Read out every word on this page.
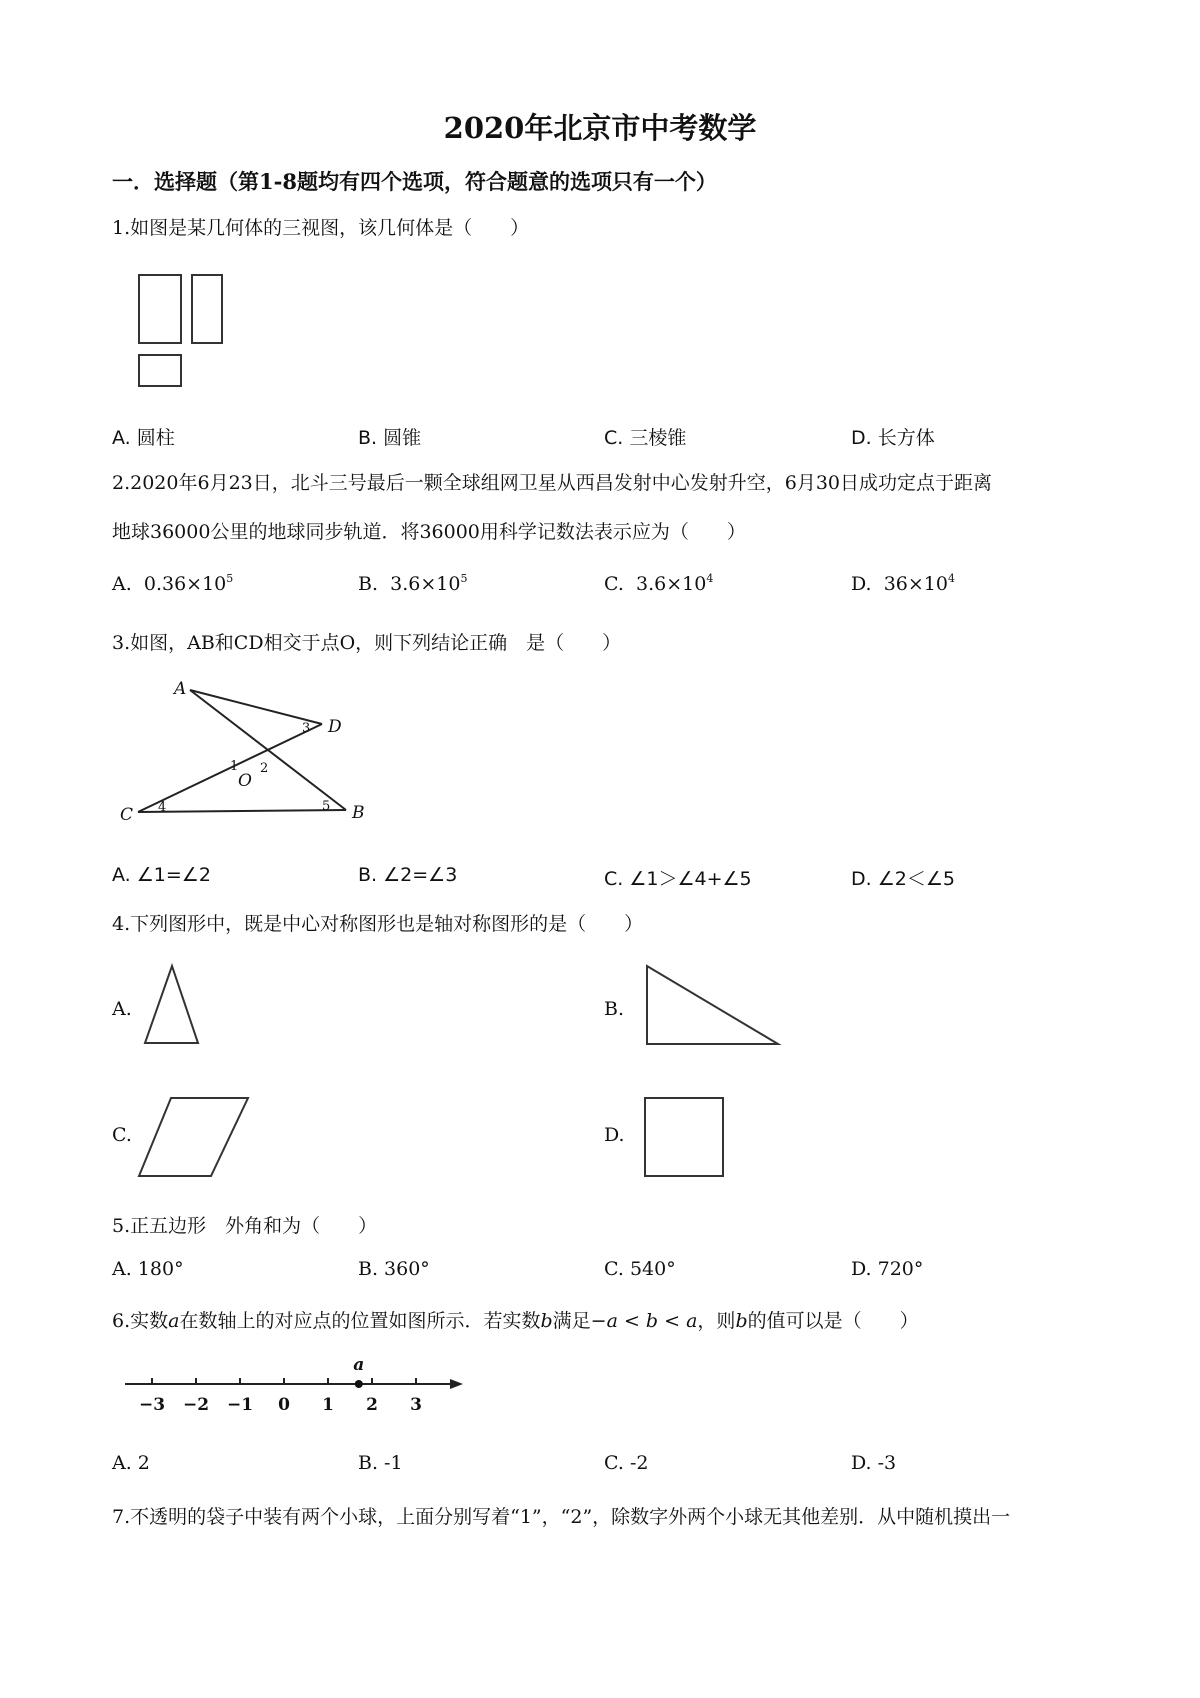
2020年北京市中考数学
一．选择题（第1-8题均有四个选项，符合题意的选项只有一个）
1.如图是某几何体的三视图，该几何体是（　　）
A. 圆柱	B. 圆锥	C. 三棱锥	D. 长方体
2.2020年6月23日，北斗三号最后一颗全球组网卫星从西昌发射中心发射升空，6月30日成功定点于距离
地球36000公里的地球同步轨道．将36000用科学记数法表示应为（　　）
A. $0.36\times 10^5$	B. $3.6\times 10^5$	C. $3.6\times 10^4$	D. $36\times 10^4$
3.如图，AB和CD相交于点O，则下列结论正确　是（　　）
A
D
C	B
O
1 2
3
4	5
A. ∠1=∠2	B. ∠2=∠3	C. ∠1＞∠4+∠5	D. ∠2＜∠5
4.下列图形中，既是中心对称图形也是轴对称图形的是（　　）
A.	B.
C.	D.
5.正五边形　外角和为（　　）
A. 180°	B. 360°	C. 540°	D. 720°
6.实数a在数轴上的对应点的位置如图所示．若实数b满足−a < b < a，则b的值可以是（　　）
−3 −2 −1 0 1 2 3
a
A. 2	B. -1	C. -2	D. -3
7.不透明的袋子中装有两个小球，上面分别写着“1”，“2”，除数字外两个小球无其他差别．从中随机摸出一
